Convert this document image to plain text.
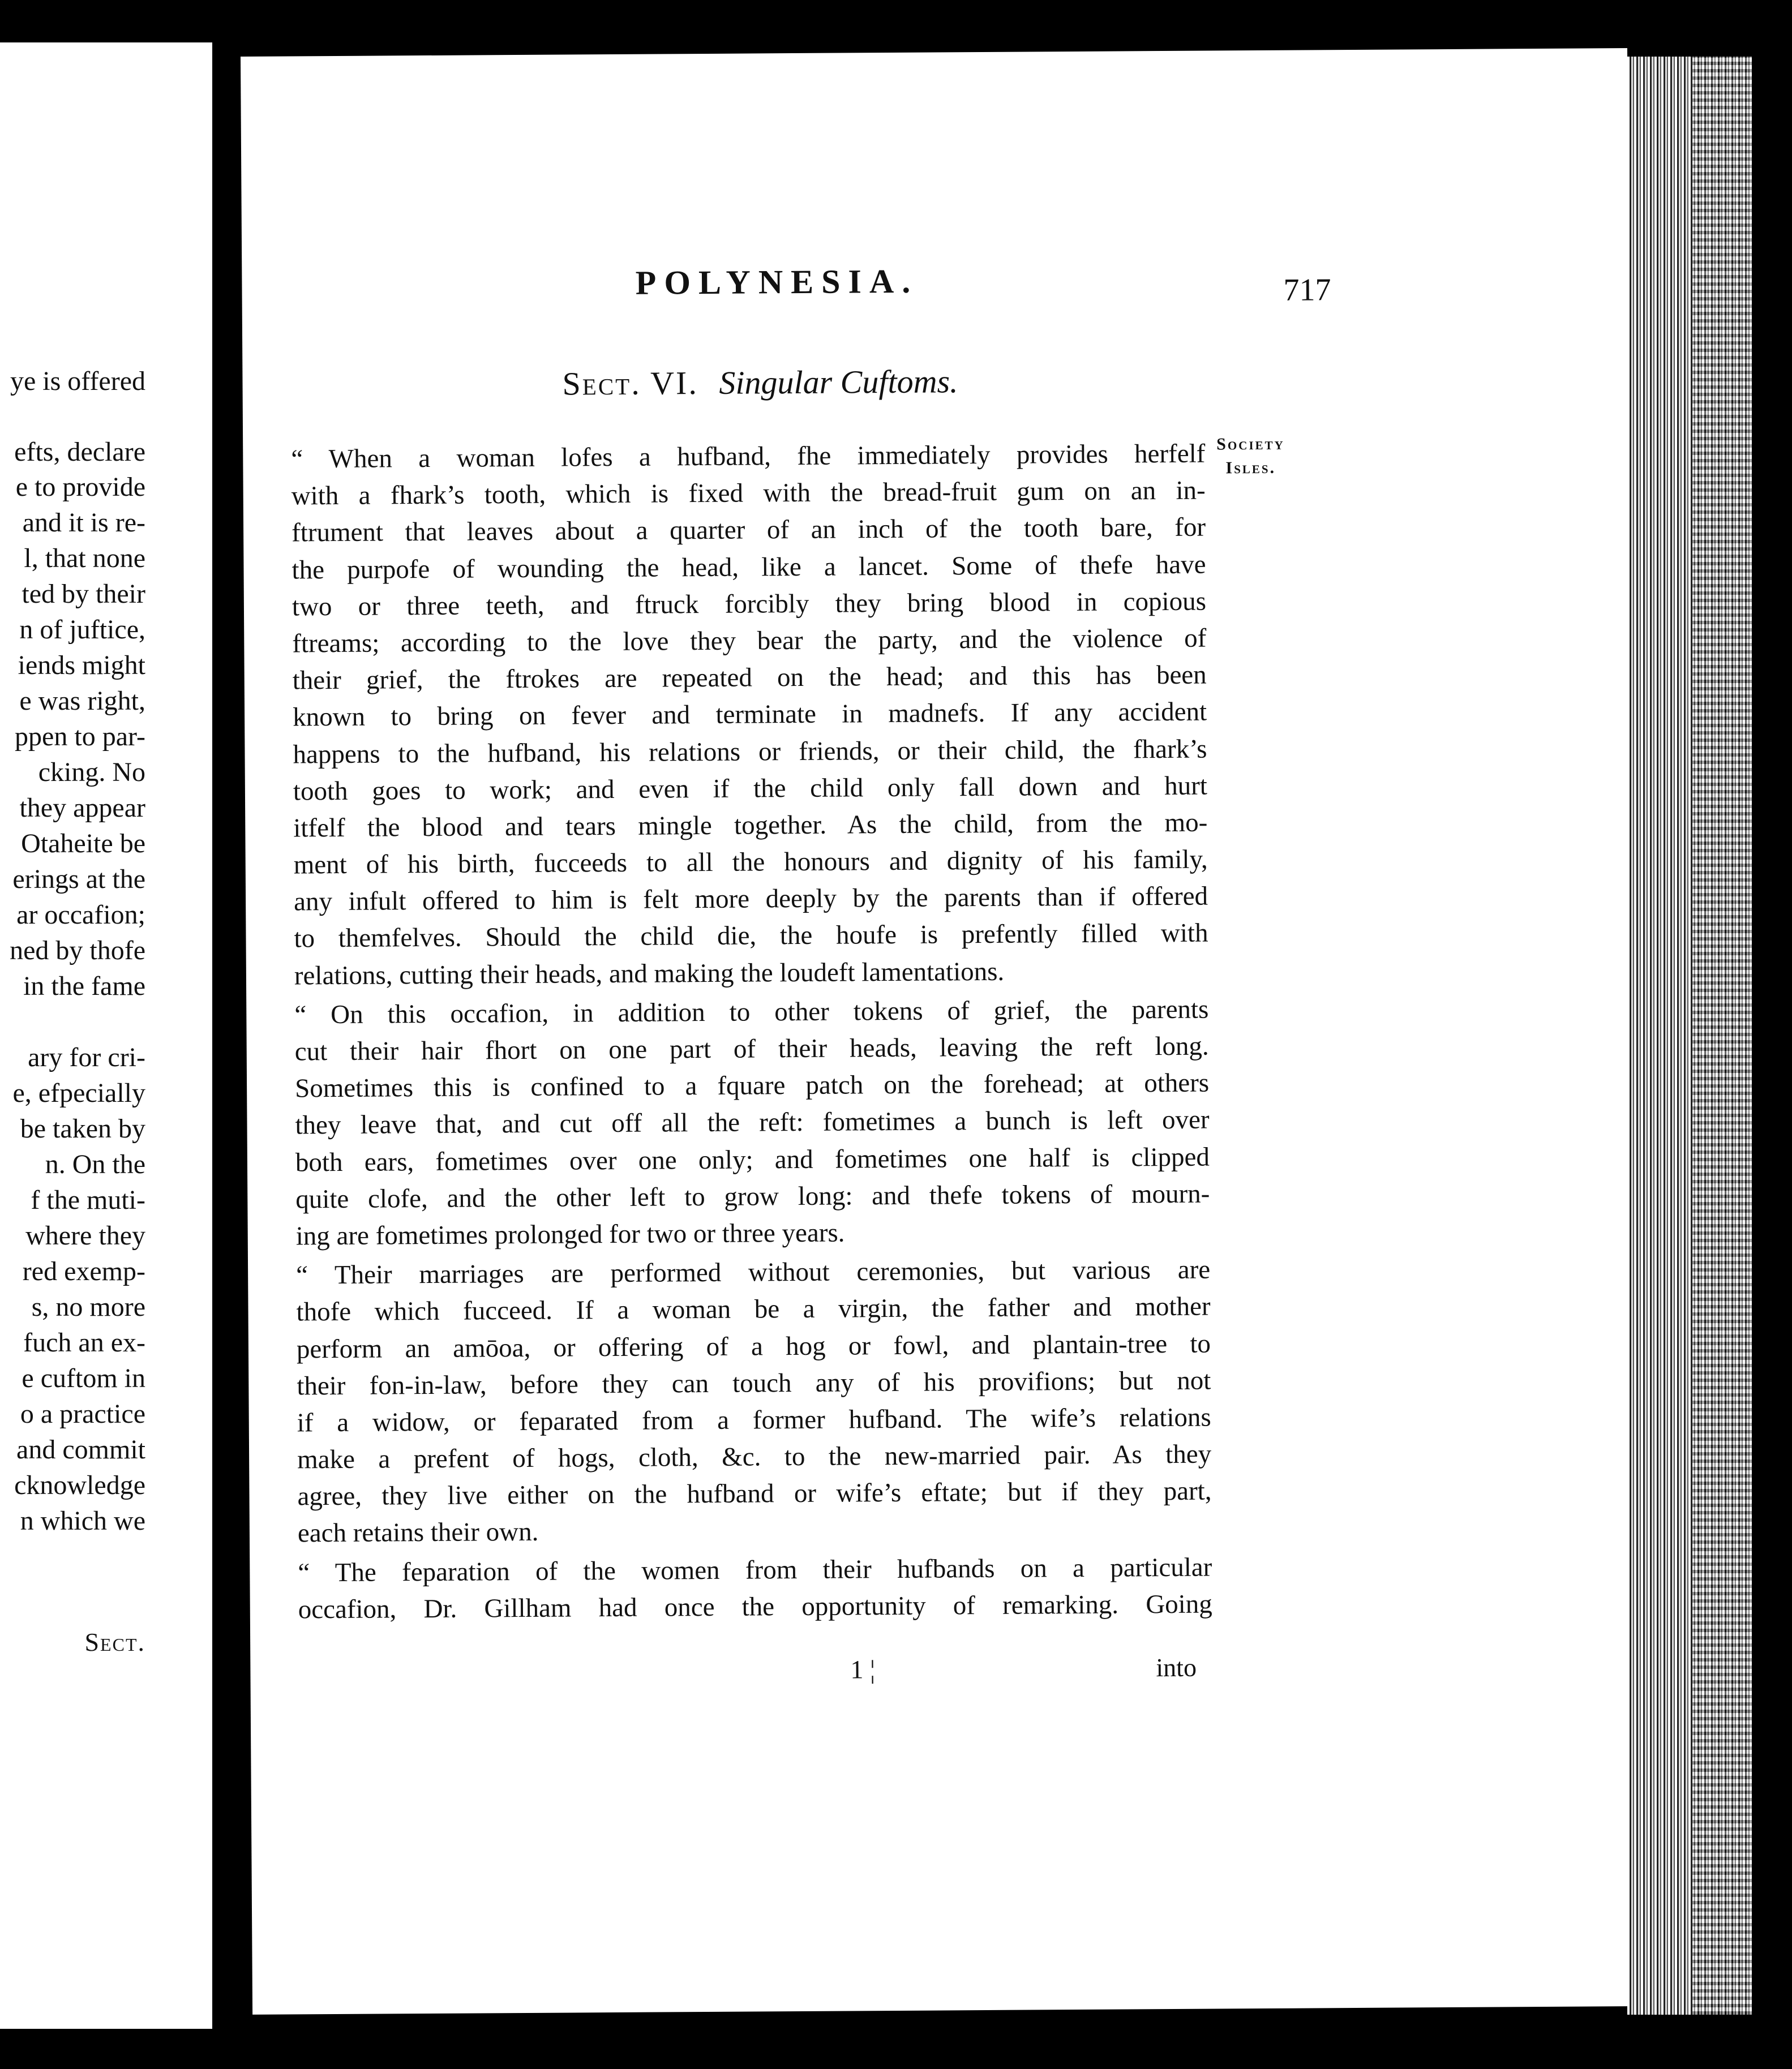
ye is offered
efts, declare
e to provide
and it is re-
l, that none
ted by their
n of juftice,
iends might
e was right,
ppen to par-
cking. No
they appear
Otaheite be
erings at the
ar occafion;
ned by thofe
in the fame
ary for cri-
e, efpecially
be taken by
n. On the
f the muti-
where they
red exemp-
s, no more
fuch an ex-
e cuftom in
o a practice
and commit
cknowledge
n which we
Sect.
POLYNESIA.	717
Sect. VI. Singular Cuftoms.
Society
Isles.
“ When a woman lofes a hufband, fhe immediately provides herfelf
with a fhark’s tooth, which is fixed with the bread-fruit gum on an in-
ftrument that leaves about a quarter of an inch of the tooth bare, for
the purpofe of wounding the head, like a lancet. Some of thefe have
two or three teeth, and ftruck forcibly they bring blood in copious
ftreams; according to the love they bear the party, and the violence of
their grief, the ftrokes are repeated on the head; and this has been
known to bring on fever and terminate in madnefs. If any accident
happens to the hufband, his relations or friends, or their child, the fhark’s
tooth goes to work; and even if the child only fall down and hurt
itfelf the blood and tears mingle together. As the child, from the mo-
ment of his birth, fucceeds to all the honours and dignity of his family,
any infult offered to him is felt more deeply by the parents than if offered
to themfelves. Should the child die, the houfe is prefently filled with
relations, cutting their heads, and making the loudeft lamentations.
“ On this occafion, in addition to other tokens of grief, the parents
cut their hair fhort on one part of their heads, leaving the reft long.
Sometimes this is confined to a fquare patch on the forehead; at others
they leave that, and cut off all the reft: fometimes a bunch is left over
both ears, fometimes over one only; and fometimes one half is clipped
quite clofe, and the other left to grow long: and thefe tokens of mourn-
ing are fometimes prolonged for two or three years.
“ Their marriages are performed without ceremonies, but various are
thofe which fucceed. If a woman be a virgin, the father and mother
perform an amōoa, or offering of a hog or fowl, and plantain-tree to
their fon-in-law, before they can touch any of his provifions; but not
if a widow, or feparated from a former hufband. The wife’s relations
make a prefent of hogs, cloth, &c. to the new-married pair. As they
agree, they live either on the hufband or wife’s eftate; but if they part,
each retains their own.
“ The feparation of the women from their hufbands on a particular
occafion, Dr. Gillham had once the opportunity of remarking. Going
1 ¦	into
